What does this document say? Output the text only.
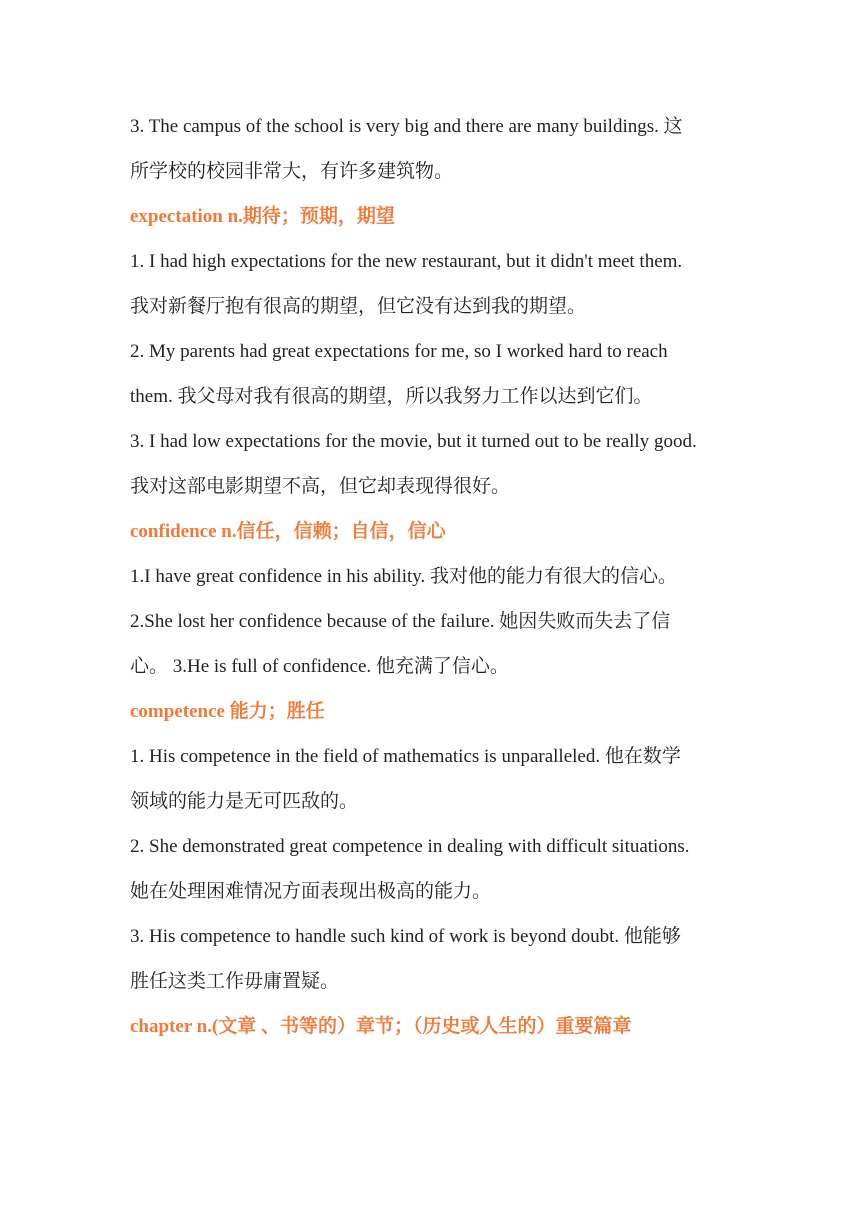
3. The campus of the school is very big and there are many buildings. 这
所学校的校园非常大，有许多建筑物。
expectation n.期待；预期，期望
1. I had high expectations for the new restaurant, but it didn't meet them.
我对新餐厅抱有很高的期望，但它没有达到我的期望。
2. My parents had great expectations for me, so I worked hard to reach
them. 我父母对我有很高的期望，所以我努力工作以达到它们。
3. I had low expectations for the movie, but it turned out to be really good.
我对这部电影期望不高，但它却表现得很好。
confidence n.信任，信赖；自信，信心
1.I have great confidence in his ability. 我对他的能力有很大的信心。
2.She lost her confidence because of the failure. 她因失败而失去了信
心。 3.He is full of confidence. 他充满了信心。
competence 能力；胜任
1. His competence in the field of mathematics is unparalleled. 他在数学
领域的能力是无可匹敌的。
2. She demonstrated great competence in dealing with difficult situations.
她在处理困难情况方面表现出极高的能力。
3. His competence to handle such kind of work is beyond doubt. 他能够
胜任这类工作毋庸置疑。
chapter n.(文章 、书等的）章节；（历史或人生的）重要篇章
